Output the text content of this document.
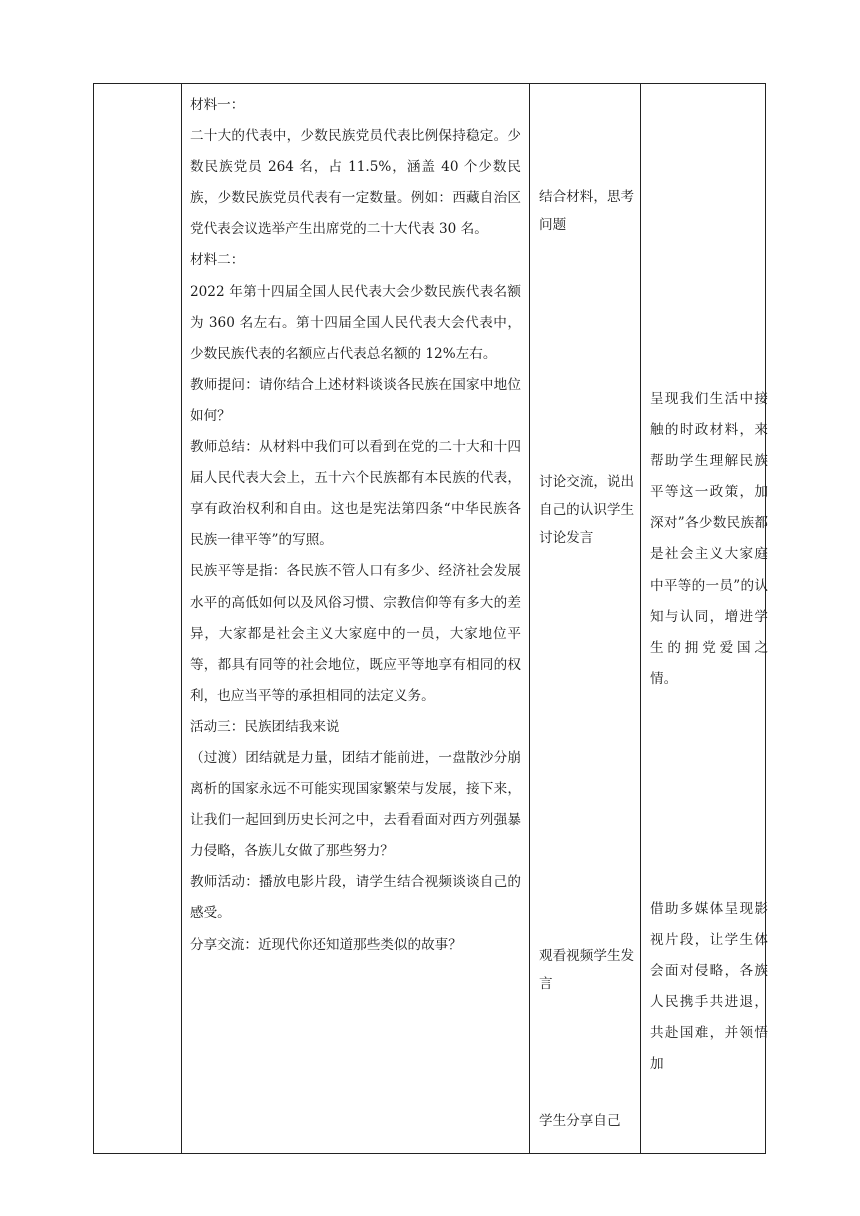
材料一：

二十大的代表中，少数民族党员代表比例保持稳定。少数民族党员 264 名，占 11.5%，涵盖 40 个少数民族，少数民族党员代表有一定数量。例如：西藏自治区党代表会议选举产生出席党的二十大代表 30 名。

材料二：

2022 年第十四届全国人民代表大会少数民族代表名额为 360 名左右。第十四届全国人民代表大会代表中，少数民族代表的名额应占代表总名额的 12%左右。

教师提问：请你结合上述材料谈谈各民族在国家中地位如何？

教师总结：从材料中我们可以看到在党的二十大和十四届人民代表大会上，五十六个民族都有本民族的代表，享有政治权利和自由。这也是宪法第四条“中华民族各民族一律平等”的写照。

民族平等是指：各民族不管人口有多少、经济社会发展水平的高低如何以及风俗习惯、宗教信仰等有多大的差异，大家都是社会主义大家庭中的一员，大家地位平等，都具有同等的社会地位，既应平等地享有相同的权利，也应当平等的承担相同的法定义务。

活动三：民族团结我来说

（过渡）团结就是力量，团结才能前进，一盘散沙分崩离析的国家永远不可能实现国家繁荣与发展，接下来，让我们一起回到历史长河之中，去看看面对西方列强暴力侵略，各族儿女做了那些努力？

教师活动：播放电影片段，请学生结合视频谈谈自己的感受。

分享交流：近现代你还知道那些类似的故事？

结合材料，思考问题
讨论交流，说出自己的认识学生讨论发言
观看视频学生发言
学生分享自己
呈现我们生活中接触的时政材料，来帮助学生理解民族平等这一政策，加深对”各少数民族都是社会主义大家庭中平等的一员”的认知与认同，增进学生的拥党爱国之情。
借助多媒体呈现影视片段，让学生体会面对侵略，各族人民携手共进退，共赴国难，并领悟加
